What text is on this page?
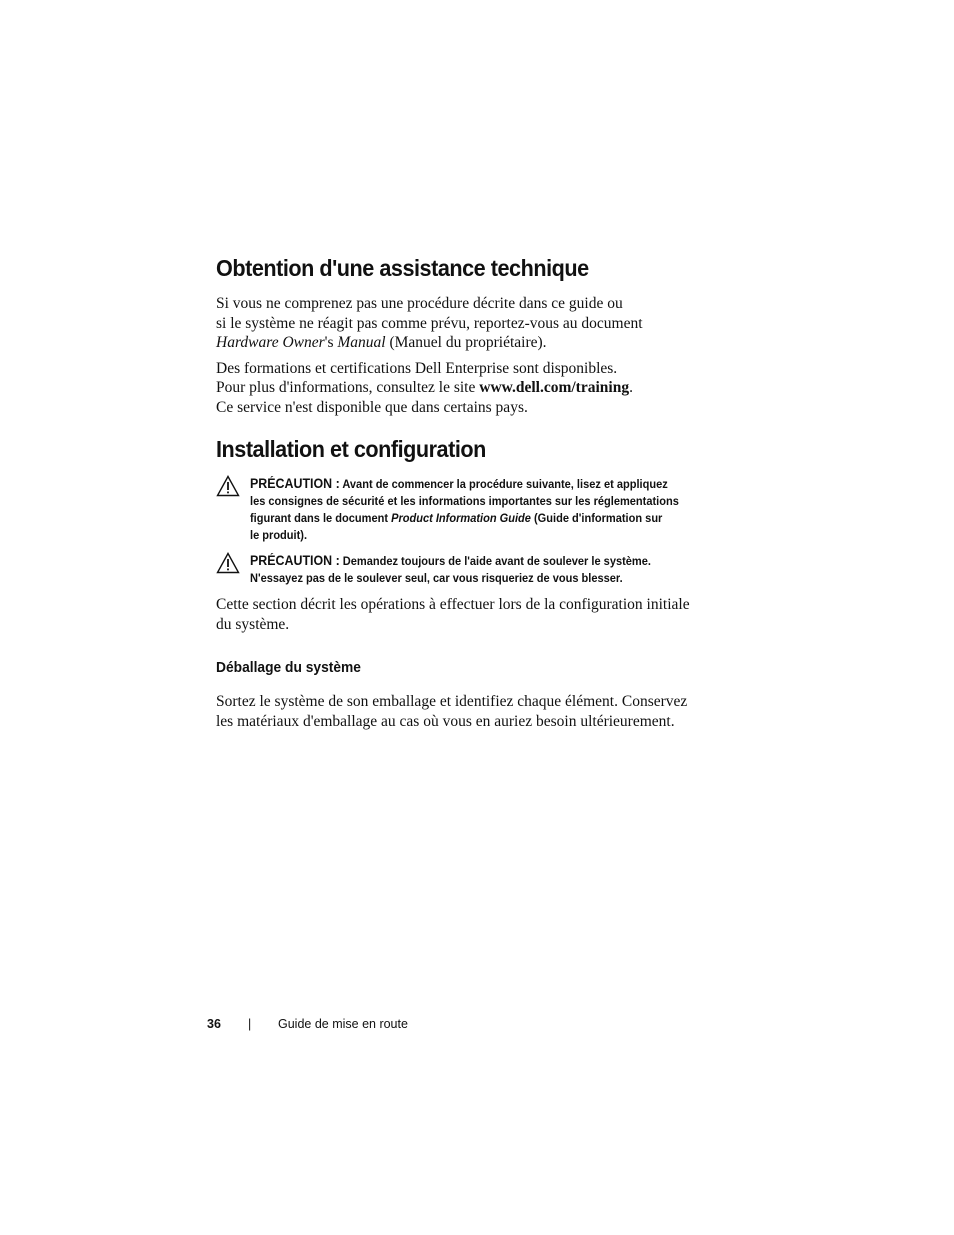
Obtention d'une assistance technique

Si vous ne comprenez pas une procédure décrite dans ce guide ou
si le système ne réagit pas comme prévu, reportez-vous au document
Hardware Owner's Manual (Manuel du propriétaire).

Des formations et certifications Dell Enterprise sont disponibles.
Pour plus d'informations, consultez le site www.dell.com/training.
Ce service n'est disponible que dans certains pays.

Installation et configuration
PRÉCAUTION : Avant de commencer la procédure suivante, lisez et appliquez
les consignes de sécurité et les informations importantes sur les réglementations
figurant dans le document Product Information Guide (Guide d'information sur
le produit).
PRÉCAUTION : Demandez toujours de l'aide avant de soulever le système.
N'essayez pas de le soulever seul, car vous risqueriez de vous blesser.

Cette section décrit les opérations à effectuer lors de la configuration initiale
du système.

Déballage du système

Sortez le système de son emballage et identifiez chaque élément. Conservez
les matériaux d'emballage au cas où vous en auriez besoin ultérieurement.

36 | Guide de mise en route
